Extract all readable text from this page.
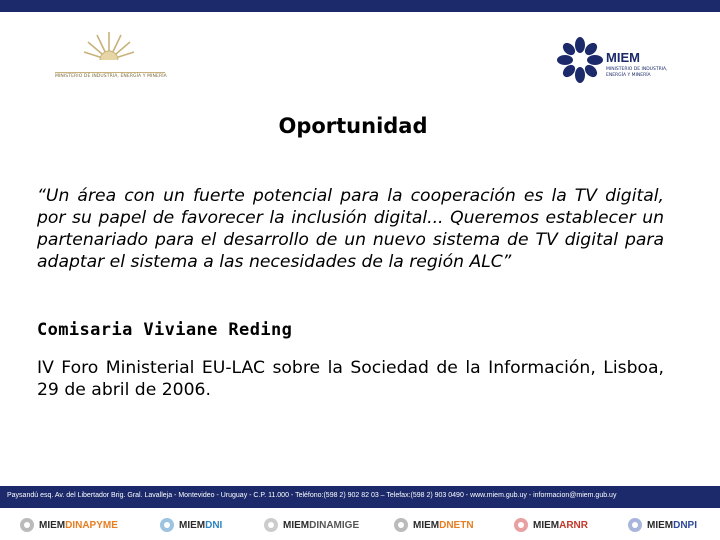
MINISTERIO DE INDUSTRIA, ENERGÍA Y MINERÍA
MIEM
MINISTERIO DE INDUSTRIA, ENERGÍA Y MINERÍA
Oportunidad
“Un área con un fuerte potencial para la cooperación es la TV digital, por su papel de favorecer la inclusión digital... Queremos establecer un partenariado para el desarrollo de un nuevo sistema de TV digital para adaptar el sistema a las necesidades de la región ALC”
Comisaria Viviane Reding
IV Foro Ministerial EU-LAC sobre la Sociedad de la Información, Lisboa, 29 de abril de 2006.
Paysandú esq. Av. del Libertador Brig. Gral. Lavalleja - Montevideo - Uruguay - C.P. 11.000 - Teléfono:(598 2) 902 82 03 – Telefax:(598 2) 903 0490 - www.miem.gub.uy - informacion@miem.gub.uy
MIEMDINAPYME	MIEMDNI	MIEMDINAMIGE	MIEMDNETN	MIEMARNR	MIEMDNPI
